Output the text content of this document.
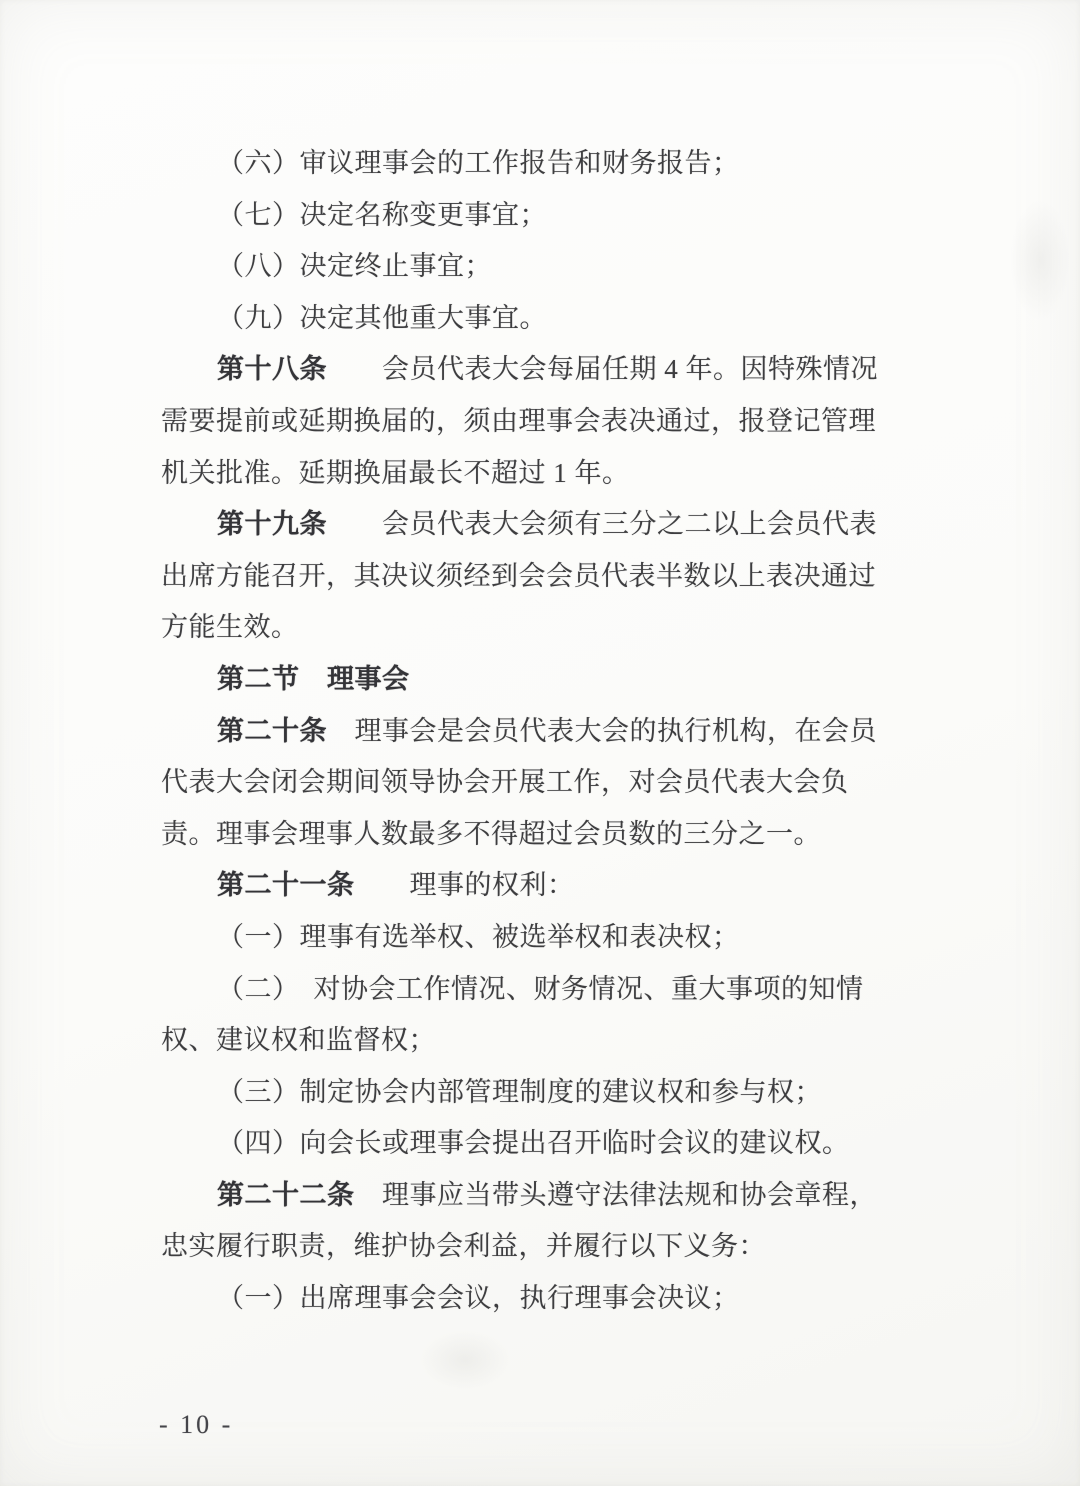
（六）审议理事会的工作报告和财务报告；
（七）决定名称变更事宜；
（八）决定终止事宜；
（九）决定其他重大事宜。
第十八条　　会员代表大会每届任期 4 年。因特殊情况
需要提前或延期换届的，须由理事会表决通过，报登记管理
机关批准。延期换届最长不超过 1 年。
第十九条　　会员代表大会须有三分之二以上会员代表
出席方能召开，其决议须经到会会员代表半数以上表决通过
方能生效。
第二节　理事会
第二十条　理事会是会员代表大会的执行机构，在会员
代表大会闭会期间领导协会开展工作，对会员代表大会负
责。理事会理事人数最多不得超过会员数的三分之一。
第二十一条　　理事的权利：
（一）理事有选举权、被选举权和表决权；
（二）　对协会工作情况、财务情况、重大事项的知情
权、建议权和监督权；
（三）制定协会内部管理制度的建议权和参与权；
（四）向会长或理事会提出召开临时会议的建议权。
第二十二条　理事应当带头遵守法律法规和协会章程，
忠实履行职责，维护协会利益，并履行以下义务：
（一）出席理事会会议，执行理事会决议；
- 10 -
